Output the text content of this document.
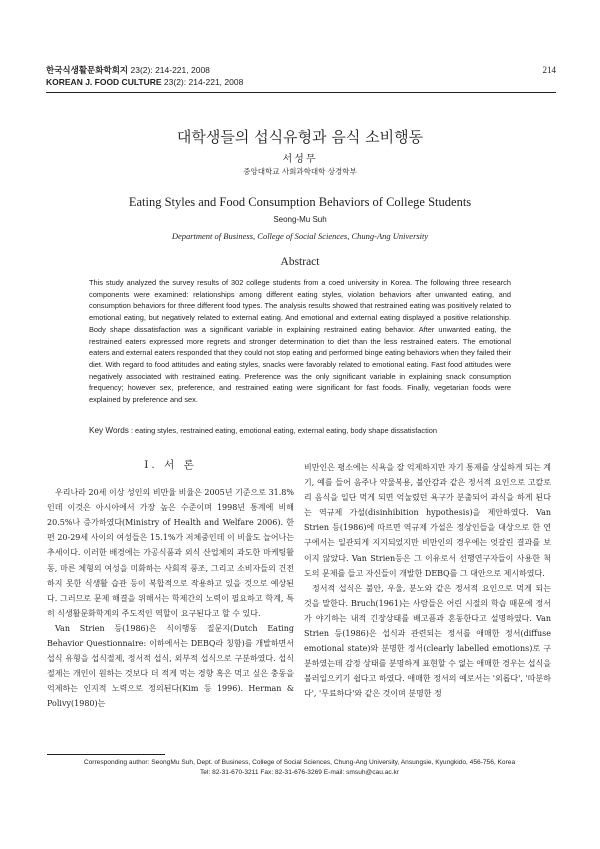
한국식생활문화학회지 23(2): 214-221, 2008
KOREAN J. FOOD CULTURE 23(2): 214-221, 2008
214
대학생들의 섭식유형과 음식 소비행동
서성무
중앙대학교 사회과학대학 상경학부
Eating Styles and Food Consumption Behaviors of College Students
Seong-Mu Suh
Department of Business, College of Social Sciences, Chung-Ang University
Abstract
This study analyzed the survey results of 302 college students from a coed university in Korea. The following three research components were examined: relationships among different eating styles, violation behaviors after unwanted eating, and consumption behaviors for three different food types. The analysis results showed that restrained eating was positively related to emotional eating, but negatively related to external eating. And emotional and external eating displayed a positive relationship. Body shape dissatisfaction was a significant variable in explaining restrained eating behavior. After unwanted eating, the restrained eaters expressed more regrets and stronger determination to diet than the less restrained eaters. The emotional eaters and external eaters responded that they could not stop eating and performed binge eating behaviors when they failed their diet. With regard to food attitudes and eating styles, snacks were favorably related to emotional eating. Fast food attitudes were negatively associated with restrained eating. Preference was the only significant variable in explaining snack consumption frequency; however sex, preference, and restrained eating were significant for fast foods. Finally, vegetarian foods were explained by preference and sex.
Key Words : eating styles, restrained eating, emotional eating, external eating, body shape dissatisfaction
I. 서 론

우리나라 20세 이상 성인의 비만율 비율은 2005년 기준으로 31.8%인데 이것은 아시아에서 가장 높은 수준이며 1998년 통계에 비해 20.5%나 증가하였다(Ministry of Health and Welfare 2006). 한편 20-29세 사이의 여성들은 15.1%가 저체중인데 이 비율도 늘어나는 추세이다. 이러한 배경에는 가공식품과 외식 산업체의 과도한 마케팅활동, 마른 체형의 여성을 미화하는 사회적 풍조, 그리고 소비자들의 건전하지 못한 식생활 습관 등이 복합적으로 작용하고 있을 것으로 예상된다. 그러므로 문제 해결을 위해서는 학제간의 노력이 필요하고 학계, 특히 식생활문화학계의 주도적인 역할이 요구된다고 할 수 있다.

Van Strien 등(1986)은 식이행동 질문지(Dutch Eating Behavior Questionnaire: 이하에서는 DEBQ라 칭함)를 개발하면서 섭식 유형을 섭식절제, 정서적 섭식, 외부적 섭식으로 구분하였다. 섭식절제는 개인이 원하는 것보다 더 적게 먹는 경향 혹은 먹고 싶은 충동을 억제하는 인지적 노력으로 정의된다(Kim 등 1996). Herman & Polivy(1980)는

비만인은 평소에는 식욕을 잘 억제하지만 자기 통제를 상실하게 되는 계기, 예를 들어 음주나 약물복용, 불안감과 같은 정서적 요인으로 고칼로리 음식을 일단 먹게 되면 억눌렸던 욕구가 분출되어 과식을 하게 된다는 역규제 가설(disinhibition hypothesis)을 제안하였다. Van Strien 등(1986)에 따르면 역규제 가설은 정상인들을 대상으로 한 연구에서는 일관되게 지지되었지만 비만인의 경우에는 엇갈린 결과를 보이지 않았다. Van Strien등은 그 이유로서 선행연구자들이 사용한 척도의 문제를 들고 자신들이 개발한 DEBQ를 그 대안으로 제시하였다.

정서적 섭식은 불안, 우울, 분노와 같은 정서적 요인으로 먹게 되는 것을 말한다. Bruch(1961)는 사람들은 어린 시절의 학습 때문에 정서가 야기하는 내적 긴장상태를 배고픔과 혼동한다고 설명하였다. Van Strien 등(1986)은 섭식과 관련되는 정서를 애매한 정서(diffuse emotional state)와 분명한 정서(clearly labelled emotions)로 구분하였는데 감정 상태를 분명하게 표현할 수 없는 애매한 경우는 섭식을 불러일으키기 쉽다고 하였다. 애매한 정서의 예로서는 '외롭다', '따분하다', '무료하다'와 같은 것이며 분명한 정

Corresponding author: SeongMu Suh, Dept. of Business, College of Social Sciences, Chung-Ang University, Ansungsie, Kyungkido, 456-756, Korea
Tel: 82-31-670-3211 Fax: 82-31-676-3269 E-mail: smsuh@cau.ac.kr
